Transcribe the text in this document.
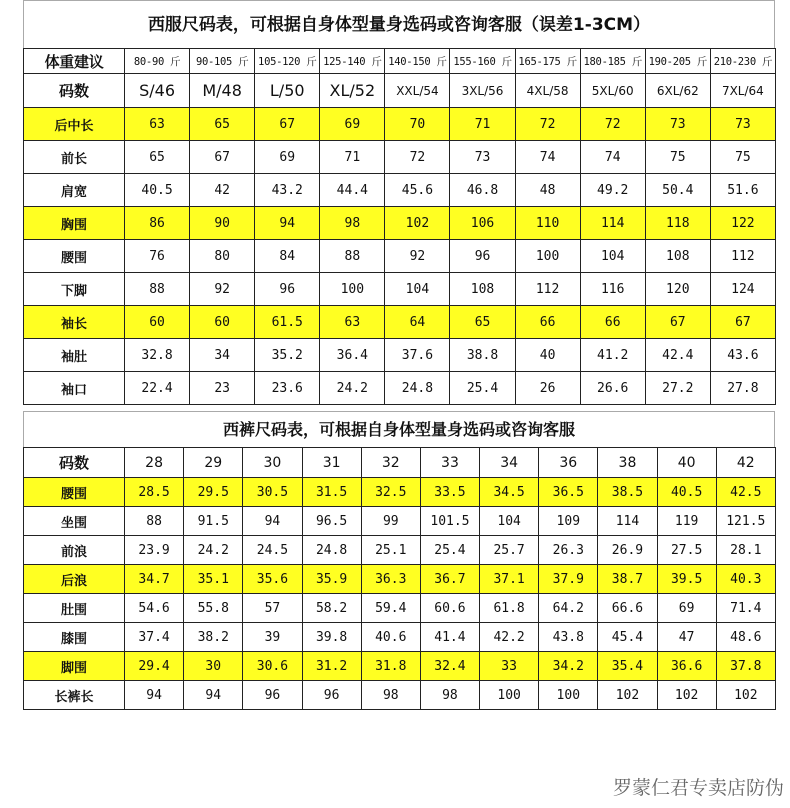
西服尺码表，可根据自身体型量身选码或咨询客服（误差1-3CM）
体重建议	80-90 斤	90-105 斤	105-120 斤	125-140 斤	140-150 斤	155-160 斤	165-175 斤	180-185 斤	190-205 斤	210-230 斤
码数	S/46	M/48	L/50	XL/52	XXL/54	3XL/56	4XL/58	5XL/60	6XL/62	7XL/64
后中长	63	65	67	69	70	71	72	72	73	73
前长	65	67	69	71	72	73	74	74	75	75
肩宽	40.5	42	43.2	44.4	45.6	46.8	48	49.2	50.4	51.6
胸围	86	90	94	98	102	106	110	114	118	122
腰围	76	80	84	88	92	96	100	104	108	112
下脚	88	92	96	100	104	108	112	116	120	124
袖长	60	60	61.5	63	64	65	66	66	67	67
袖肚	32.8	34	35.2	36.4	37.6	38.8	40	41.2	42.4	43.6
袖口	22.4	23	23.6	24.2	24.8	25.4	26	26.6	27.2	27.8
西裤尺码表，可根据自身体型量身选码或咨询客服
码数	28	29	30	31	32	33	34	36	38	40	42
腰围	28.5	29.5	30.5	31.5	32.5	33.5	34.5	36.5	38.5	40.5	42.5
坐围	88	91.5	94	96.5	99	101.5	104	109	114	119	121.5
前浪	23.9	24.2	24.5	24.8	25.1	25.4	25.7	26.3	26.9	27.5	28.1
后浪	34.7	35.1	35.6	35.9	36.3	36.7	37.1	37.9	38.7	39.5	40.3
肚围	54.6	55.8	57	58.2	59.4	60.6	61.8	64.2	66.6	69	71.4
膝围	37.4	38.2	39	39.8	40.6	41.4	42.2	43.8	45.4	47	48.6
脚围	29.4	30	30.6	31.2	31.8	32.4	33	34.2	35.4	36.6	37.8
长裤长	94	94	96	96	98	98	100	100	102	102	102
罗蒙仁君专卖店防伪
